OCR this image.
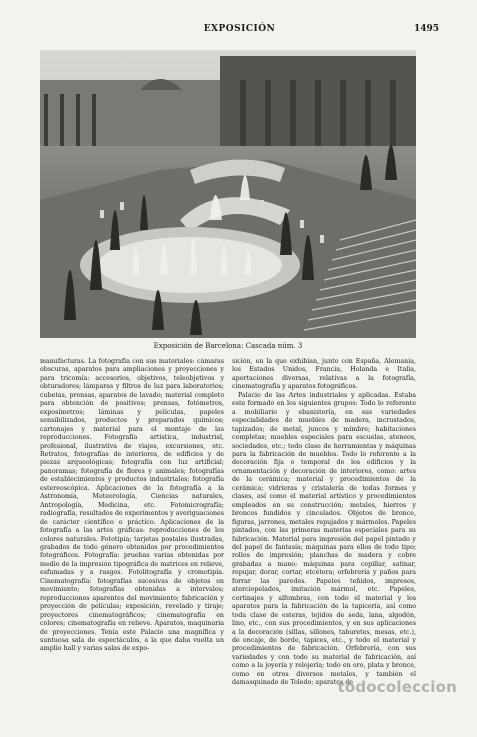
EXPOSICIÓN	1495
Exposición de Barcelona: Cascada núm. 3

manufacturas. La fotografía con sus materiales: cámaras obscuras, aparatos para ampliaciones y proyecciones y para tricomía: accesorios, objetivos, teleobjetivos y obturadores; lámparas y filtros de luz para laboratorios; cubetas, prensas, aparatos de lavado; material completo para obtención de positivos; prensas, fotómetros, exposímetros; láminas y películas, papeles sensibilizados, productos y preparados químicos; cartonajes y material para el montaje de las reproducciones. Fotografía artística, industrial, profesional, ilustrativa de viajes, excursiones, etc. Retratos, fotografías de interiores, de edificios y de piezas arqueológicas; fotografía con luz artificial; panoramas; fotografía de flores y animales; fotografías de establecimientos y productos industriales; fotografía estereoscópica. Aplicaciones de la fotografía a la Astronomía, Meteorología, Ciencias naturales, Antropología, Medicina, etc. Fotomicrografía; radiografía, resultados de experimentos y averiguaciones de carácter científico o práctico. Aplicaciones de la fotografía a las artes gráficas: reproducciones de los colores naturales. Fototipia; tarjetas postales ilustradas, grabados de todo género obtenidos por procedimientos fotográficos. Fotografía: pruebas varias obtenidas por medio de la impresión tipográfica de matrices en relieve, esfumadas y a rasgos. Fotolitografía y cromotipia. Cinematografía: fotografías sucesivas de objetos en movimiento; fotografías obtenidas a intervalos; reproducciones aparentes del movimiento; fabricación y proyección de películas; exposición, revelado y tiraje; proyectores cinematográficos; cinematografía en colores; cinematografía en relieve. Aparatos, maquinaria de proyecciones. Tenía este Palacio una magnífica y suntuosa sala de espectáculos, a la que daba vuelta un amplio hall y varias salas de expo-

sición, en la que exhibían, junto con España, Alemania, los Estados Unidos, Francia, Holanda e Italia, aportaciones diversas, relativas a la fotografía, cinematografía y aparatos fotográficos.

Palacio de las Artes industriales y aplicadas. Estaba este formado en los siguientes grupos: Todo lo referente a mobiliario y ebanistería, en sus variedades especialidades de muebles de madera, incrustados, tapizados; de metal, juncos y mimbre; habitaciones completas; muebles especiales para escuelas, ateneos, sociedades, etc.; todo clase de herramientas y máquinas para la fabricación de muebles. Todo lo referente a la decoración fija o temporal de los edificios y la ornamentación y decoración de interiores, como: artes de la cerámica; material y procedimientos de la cerámica; vidrieras y cristalería de todas formas y clases, así como el material artístico y procedimientos empleados en su construcción; metales, hierros y bronces fundidos y cincelados. Objetos de bronce, figuras, jarrones, metales repujados y mármoles. Papeles pintados, con las primeras materias especiales para su fabricación. Material para impresión del papel pintado y del papel de fantasía; máquinas para ellos de todo tipo; rollos de impresión; planchas de madera y cobre grabadas a mano; máquinas para cepillar, satinar, repujar, dorar, cortar, etcétera; orfebrería y paños para forrar las paredes. Papeles teñidos, impresos, aterciopelados, imitación mármol, etc. Papeles, cortinajes y alfombras, con todo el material y los aparatos para la fabricación de la tapicería, así como toda clase de esteras, tejidos de seda, lana, algodón, lino, etc., con sus procedimientos, y en sus aplicaciones a la decoración (sillas, sillones, taburetes, mesas, etc.), de encaje, de borde, tapices, etc., y todo el material y procedimientos de fabricación. Orfebrería, con sus variedades y con todo su material de fabricación, así como a la joyería y relojería; todo en oro, plata y bronce, como en otros diversos metales, y también el damasquinado de Toledo; aparatos de

todocoleccion
